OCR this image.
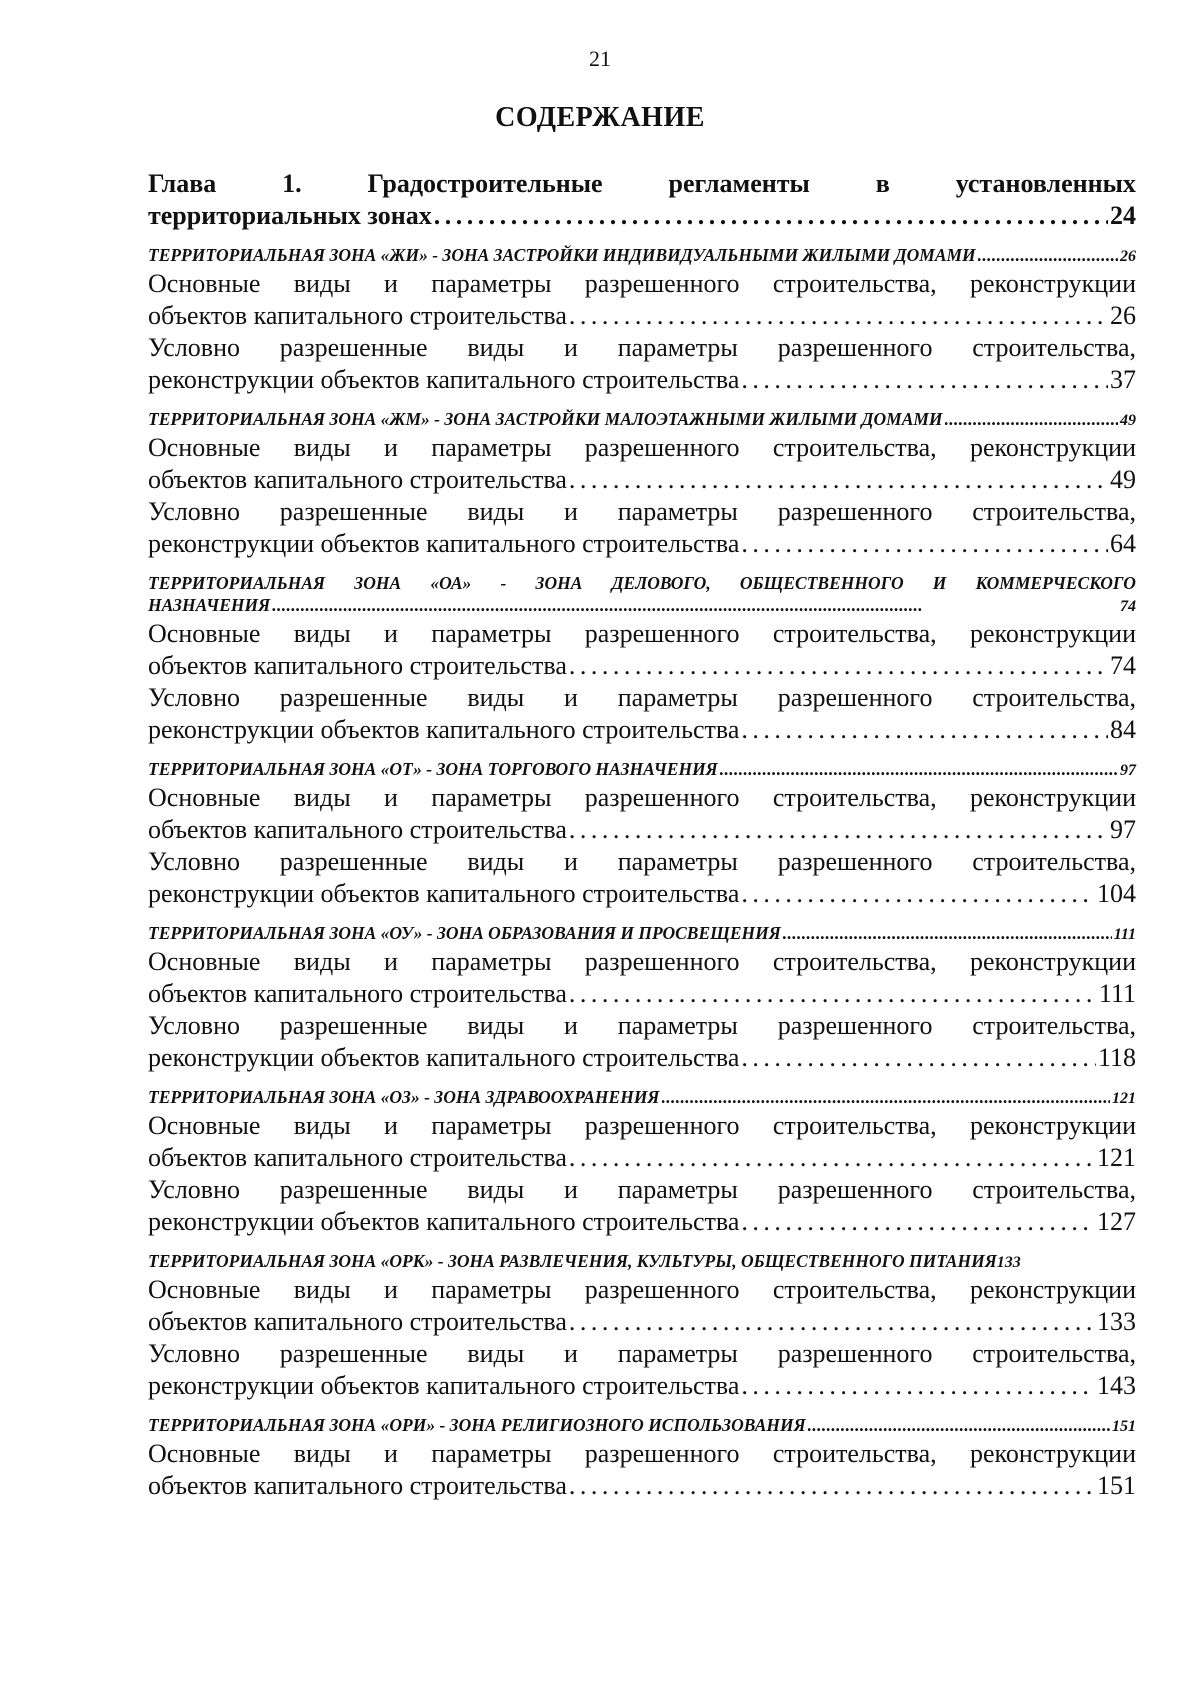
21
СОДЕРЖАНИЕ
Глава	1.	Градостроительные	регламенты	в	установленных
территориальных зонах . . .	24
ТЕРРИТОРИАЛЬНАЯ ЗОНА «ЖИ» - ЗОНА ЗАСТРОЙКИ ИНДИВИДУАЛЬНЫМИ ЖИЛЫМИ ДОМАМИ . . .	26
Основные виды и параметры разрешенного строительства, реконструкции
объектов капитального строительства . . .	26
Условно разрешенные виды и параметры разрешенного строительства,
реконструкции объектов капитального строительства . . .	37
ТЕРРИТОРИАЛЬНАЯ ЗОНА «ЖМ» - ЗОНА ЗАСТРОЙКИ МАЛОЭТАЖНЫМИ ЖИЛЫМИ ДОМАМИ . . .	49
Основные виды и параметры разрешенного строительства, реконструкции
объектов капитального строительства . . .	49
Условно разрешенные виды и параметры разрешенного строительства,
реконструкции объектов капитального строительства . . .	64
ТЕРРИТОРИАЛЬНАЯ ЗОНА «ОА» - ЗОНА ДЕЛОВОГО, ОБЩЕСТВЕННОГО И КОММЕРЧЕСКОГО
НАЗНАЧЕНИЯ . . .	74
Основные виды и параметры разрешенного строительства, реконструкции
объектов капитального строительства . . .	74
Условно разрешенные виды и параметры разрешенного строительства,
реконструкции объектов капитального строительства . . .	84
ТЕРРИТОРИАЛЬНАЯ ЗОНА «ОТ» - ЗОНА ТОРГОВОГО НАЗНАЧЕНИЯ . . .	97
Основные виды и параметры разрешенного строительства, реконструкции
объектов капитального строительства . . .	97
Условно разрешенные виды и параметры разрешенного строительства,
реконструкции объектов капитального строительства . . .	104
ТЕРРИТОРИАЛЬНАЯ ЗОНА «ОУ» - ЗОНА ОБРАЗОВАНИЯ И ПРОСВЕЩЕНИЯ . . .	111
Основные виды и параметры разрешенного строительства, реконструкции
объектов капитального строительства . . .	111
Условно разрешенные виды и параметры разрешенного строительства,
реконструкции объектов капитального строительства . . .	118
ТЕРРИТОРИАЛЬНАЯ ЗОНА «ОЗ» - ЗОНА ЗДРАВООХРАНЕНИЯ . . .	121
Основные виды и параметры разрешенного строительства, реконструкции
объектов капитального строительства . . .	121
Условно разрешенные виды и параметры разрешенного строительства,
реконструкции объектов капитального строительства . . .	127
ТЕРРИТОРИАЛЬНАЯ ЗОНА «ОРК» - ЗОНА РАЗВЛЕЧЕНИЯ, КУЛЬТУРЫ, ОБЩЕСТВЕННОГО ПИТАНИЯ 133
Основные виды и параметры разрешенного строительства, реконструкции
объектов капитального строительства . . .	133
Условно разрешенные виды и параметры разрешенного строительства,
реконструкции объектов капитального строительства . . .	143
ТЕРРИТОРИАЛЬНАЯ ЗОНА «ОРИ» - ЗОНА РЕЛИГИОЗНОГО ИСПОЛЬЗОВАНИЯ . . .	151
Основные виды и параметры разрешенного строительства, реконструкции
объектов капитального строительства . . .	151
